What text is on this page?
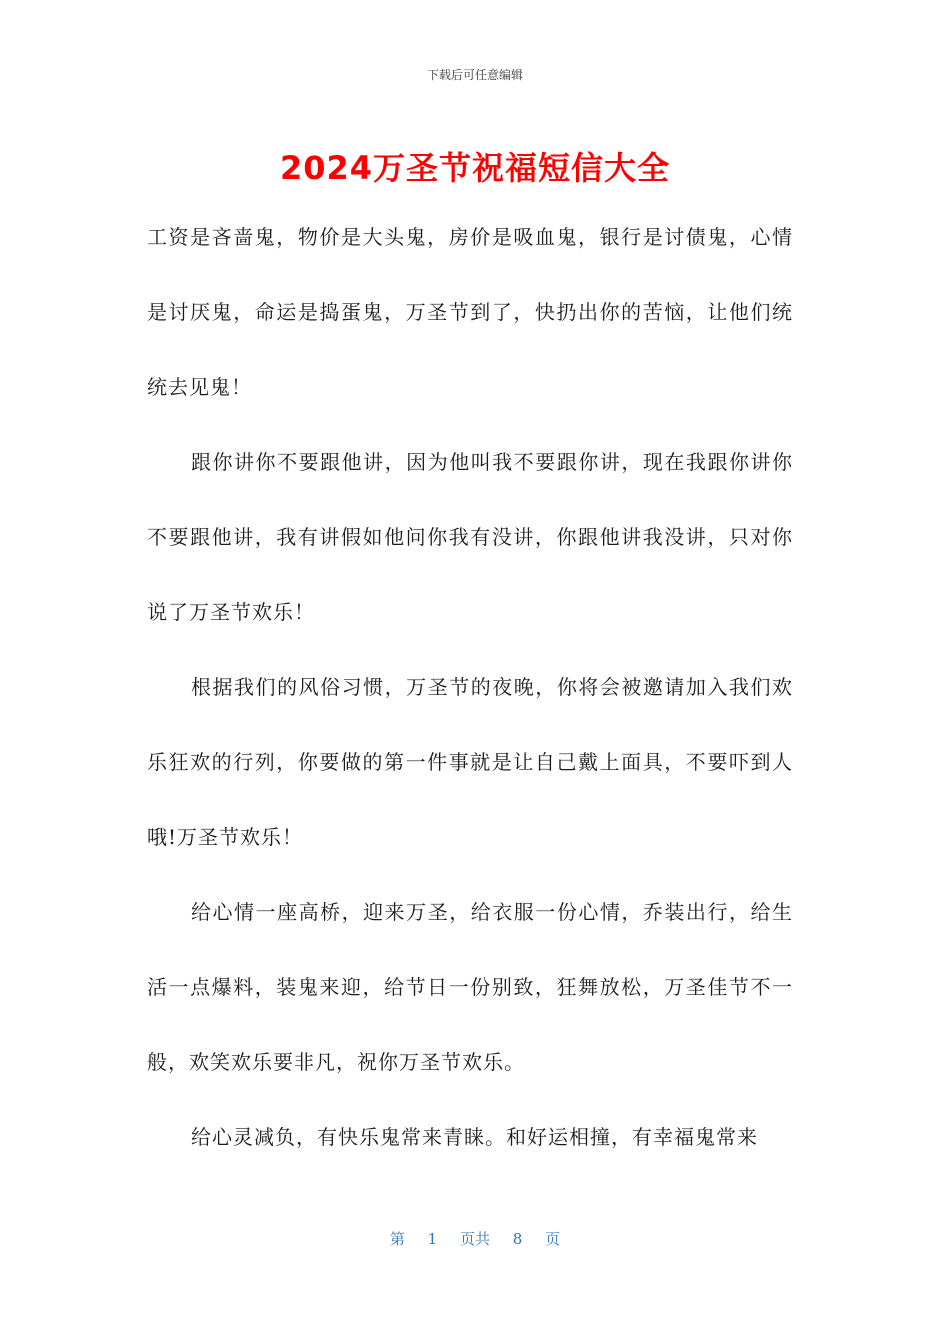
下载后可任意编辑
2024万圣节祝福短信大全

工资是吝啬鬼，物价是大头鬼，房价是吸血鬼，银行是讨债鬼，心情是讨厌鬼，命运是捣蛋鬼，万圣节到了，快扔出你的苦恼，让他们统统去见鬼！

跟你讲你不要跟他讲，因为他叫我不要跟你讲，现在我跟你讲你不要跟他讲，我有讲假如他问你我有没讲，你跟他讲我没讲，只对你说了万圣节欢乐！

根据我们的风俗习惯，万圣节的夜晚，你将会被邀请加入我们欢乐狂欢的行列，你要做的第一件事就是让自己戴上面具，不要吓到人哦!万圣节欢乐！

给心情一座高桥，迎来万圣，给衣服一份心情，乔装出行，给生活一点爆料，装鬼来迎，给节日一份别致，狂舞放松，万圣佳节不一般，欢笑欢乐要非凡，祝你万圣节欢乐。

给心灵减负，有快乐鬼常来青睐。和好运相撞，有幸福鬼常来

第 1 页共 8 页
